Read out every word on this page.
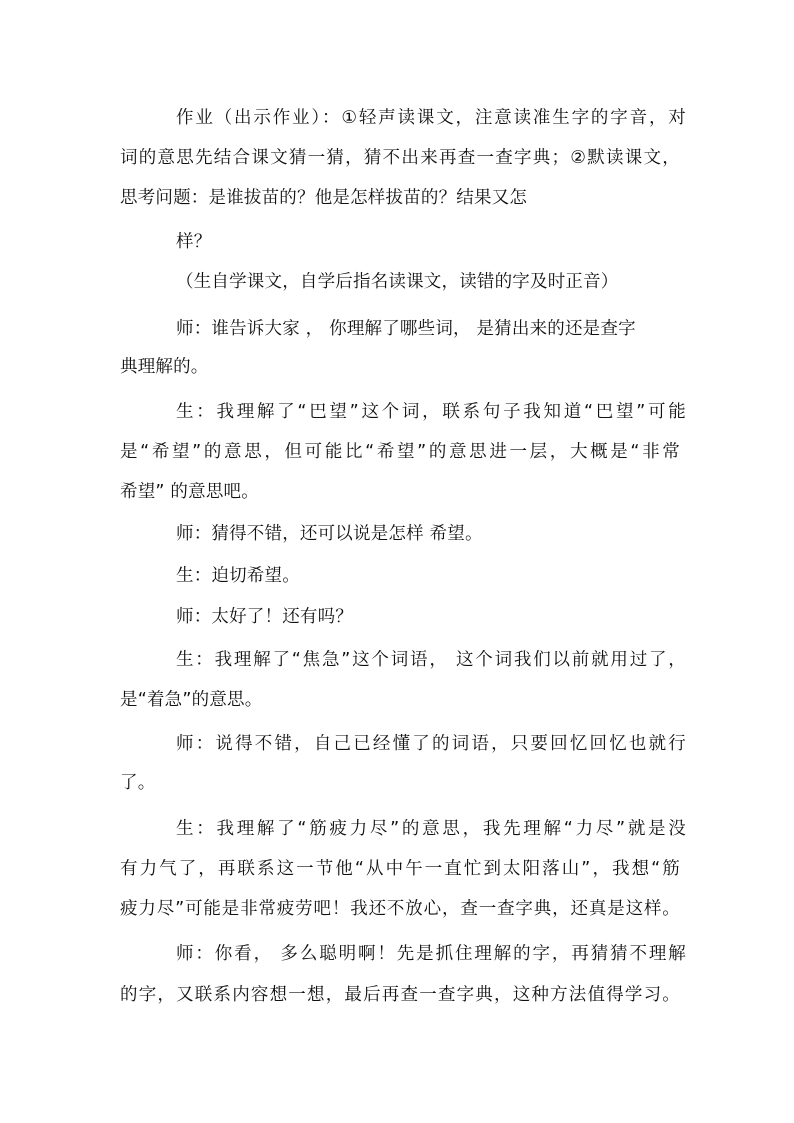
作业（出示作业）：①轻声读课文，注意读准生字的字音，对
词的意思先结合课文猜一猜，猜不出来再查一查字典；②默读课文，
思考问题：是谁拔苗的？他是怎样拔苗的？结果又怎
样？
（生自学课文，自学后指名读课文，读错的字及时正音）
师：谁告诉大家 ， 你理解了哪些词， 是猜出来的还是查字
典理解的。
生：我理解了“巴望”这个词，联系句子我知道“巴望”可能
是“希望”的意思，但可能比“希望”的意思进一层，大概是“非常
希望” 的意思吧。
师：猜得不错，还可以说是怎样 希望。
生：迫切希望。
师：太好了！还有吗？
生：我理解了“焦急”这个词语， 这个词我们以前就用过了，
是“着急”的意思。
师：说得不错，自己已经懂了的词语，只要回忆回忆也就行
了。
生：我理解了“筋疲力尽”的意思，我先理解“力尽”就是没
有力气了，再联系这一节他“从中午一直忙到太阳落山”，我想“筋
疲力尽”可能是非常疲劳吧！我还不放心，查一查字典，还真是这样。
师：你看， 多么聪明啊！先是抓住理解的字，再猜猜不理解
的字，又联系内容想一想，最后再查一查字典，这种方法值得学习。
